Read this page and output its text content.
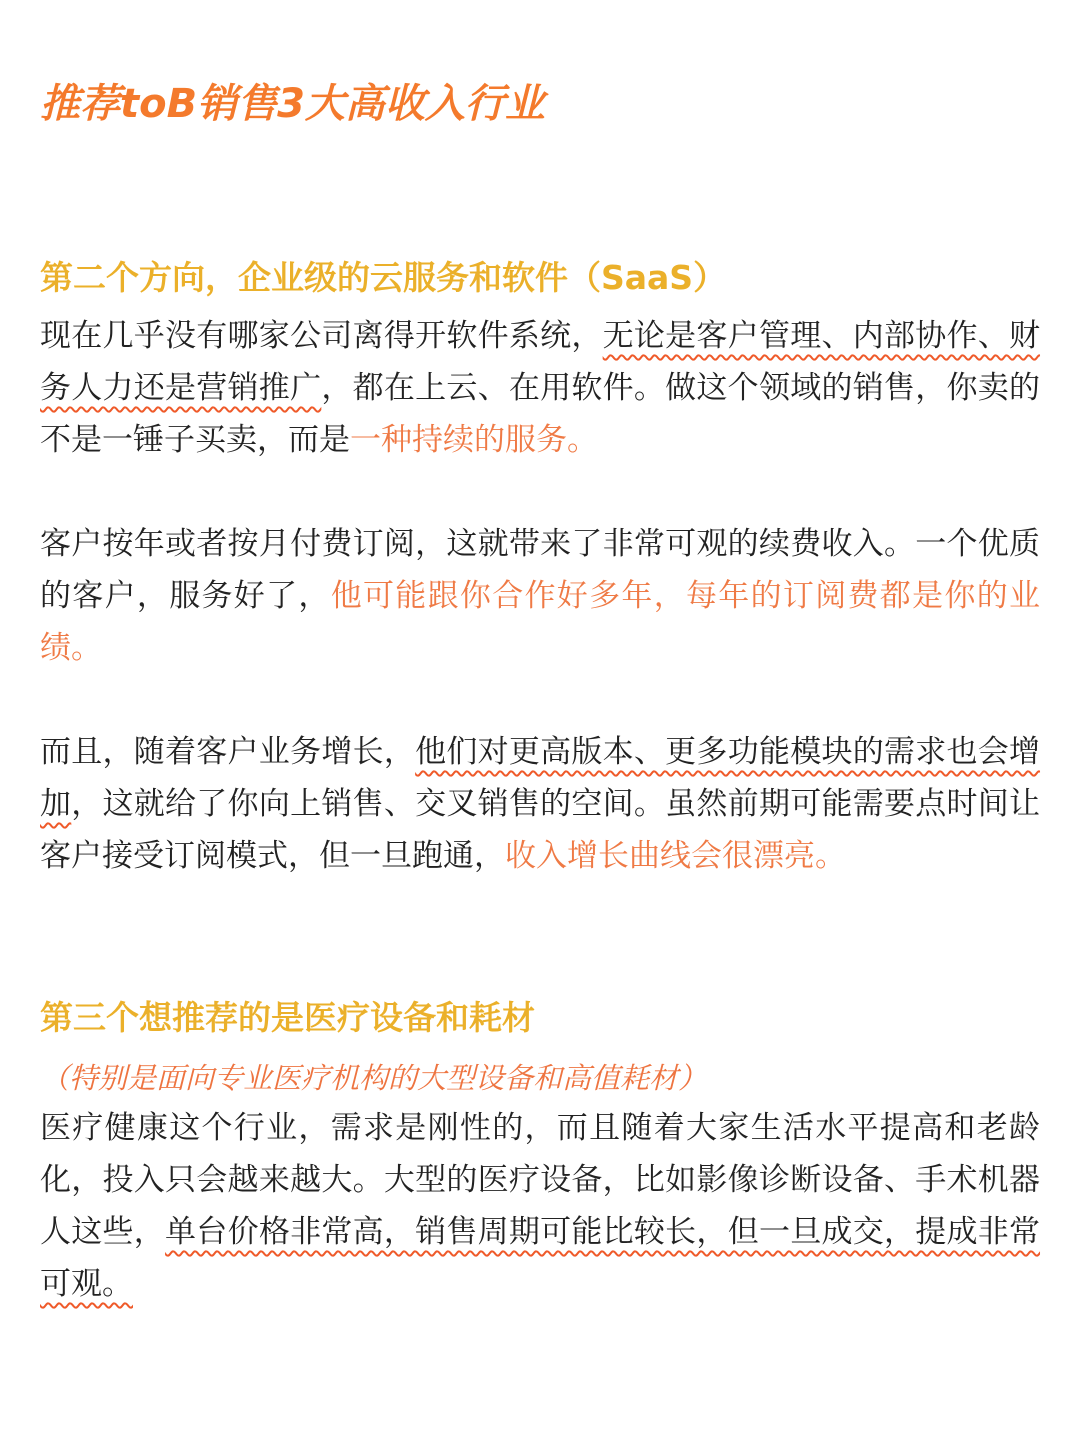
推荐toB销售3大高收入行业
第二个方向，企业级的云服务和软件（SaaS）

现在几乎没有哪家公司离得开软件系统，无论是客户管理、内部协作、财务人力还是营销推广，都在上云、在用软件。做这个领域的销售，你卖的不是一锤子买卖，而是一种持续的服务。

客户按年或者按月付费订阅，这就带来了非常可观的续费收入。一个优质的客户，服务好了，他可能跟你合作好多年，每年的订阅费都是你的业绩。

而且，随着客户业务增长，他们对更高版本、更多功能模块的需求也会增加，这就给了你向上销售、交叉销售的空间。虽然前期可能需要点时间让客户接受订阅模式，但一旦跑通，收入增长曲线会很漂亮。

第三个想推荐的是医疗设备和耗材

（特别是面向专业医疗机构的大型设备和高值耗材）

医疗健康这个行业，需求是刚性的，而且随着大家生活水平提高和老龄化，投入只会越来越大。大型的医疗设备，比如影像诊断设备、手术机器人这些，单台价格非常高，销售周期可能比较长，但一旦成交，提成非常可观。
